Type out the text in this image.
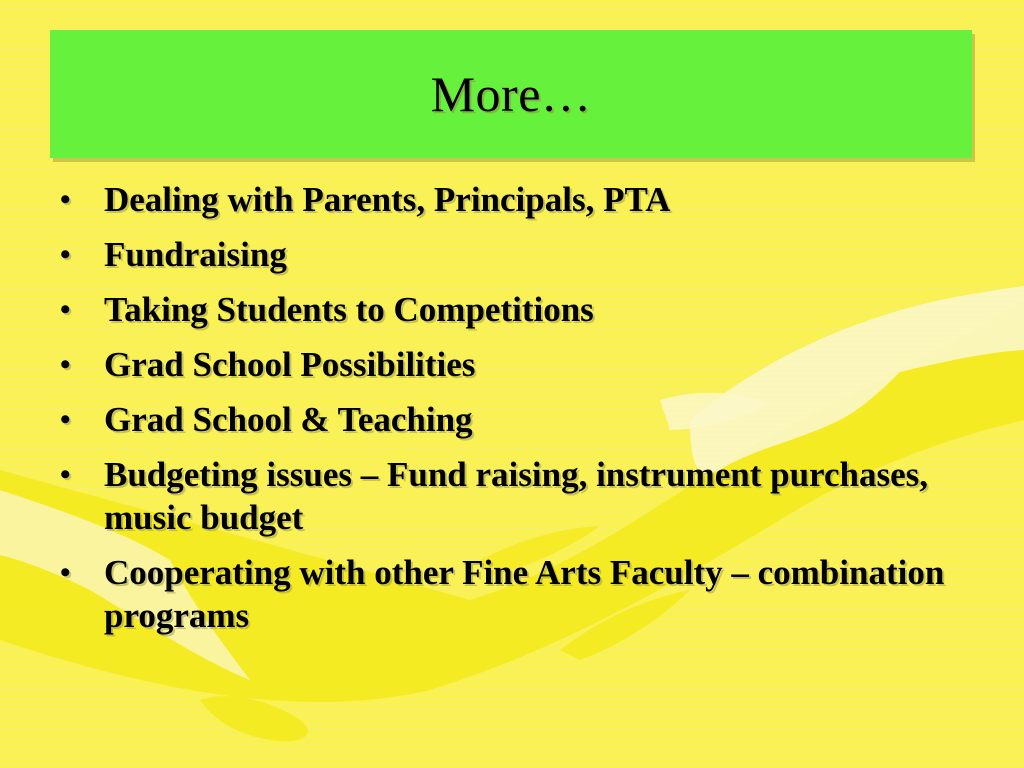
More…
• Dealing with Parents, Principals, PTA
• Fundraising
• Taking Students to Competitions
• Grad School Possibilities
• Grad School & Teaching
• Budgeting issues – Fund raising, instrument purchases, music budget
• Cooperating with other Fine Arts Faculty – combination programs
